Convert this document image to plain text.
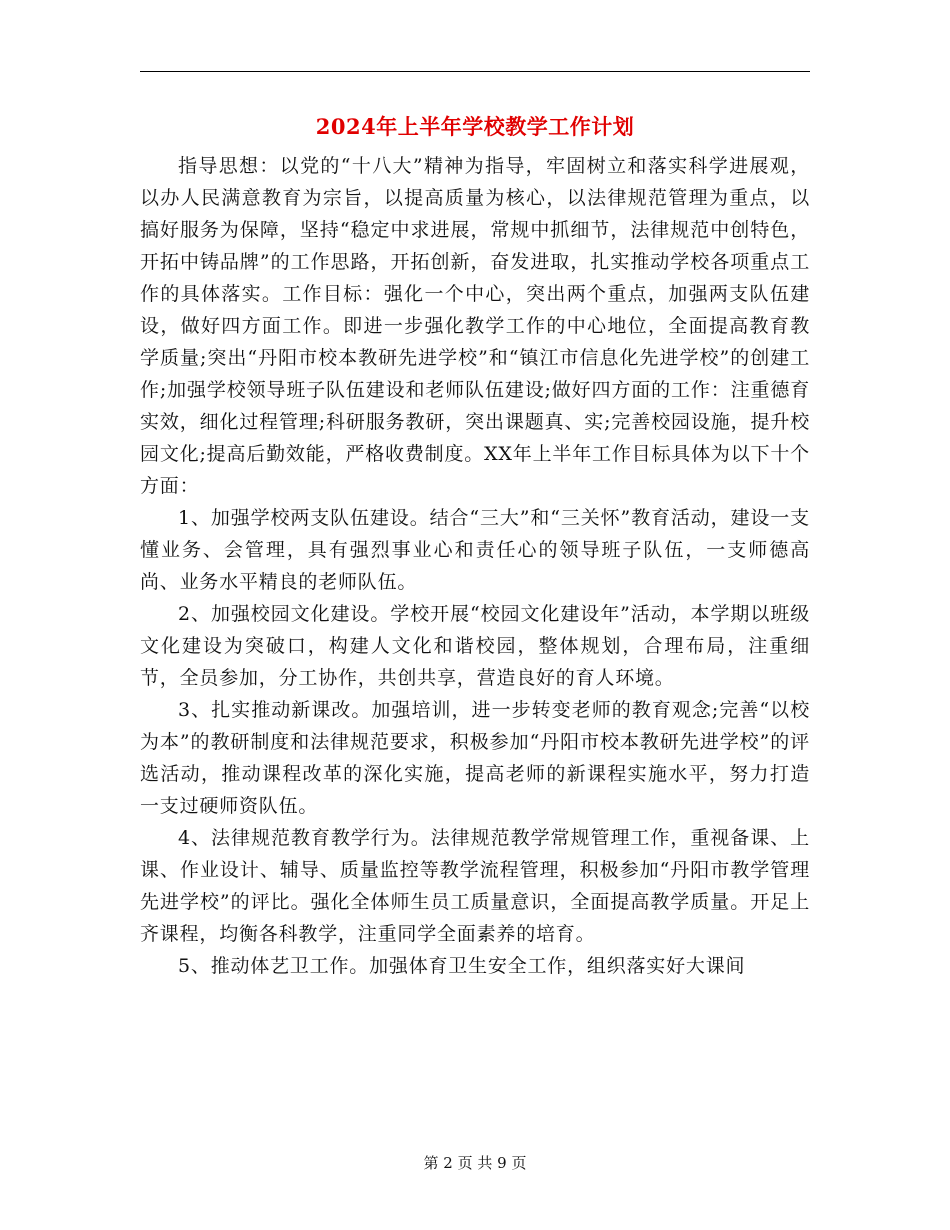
2024年上半年学校教学工作计划

指导思想：以党的“十八大”精神为指导，牢固树立和落实科学进展观，以办人民满意教育为宗旨，以提高质量为核心，以法律规范管理为重点，以搞好服务为保障，坚持“稳定中求进展，常规中抓细节，法律规范中创特色，开拓中铸品牌”的工作思路，开拓创新，奋发进取，扎实推动学校各项重点工作的具体落实。工作目标：强化一个中心，突出两个重点，加强两支队伍建设，做好四方面工作。即进一步强化教学工作的中心地位，全面提高教育教学质量;突出“丹阳市校本教研先进学校”和“镇江市信息化先进学校”的创建工作;加强学校领导班子队伍建设和老师队伍建设;做好四方面的工作：注重德育实效，细化过程管理;科研服务教研，突出课题真、实;完善校园设施，提升校园文化;提高后勤效能，严格收费制度。XX年上半年工作目标具体为以下十个方面：

1、加强学校两支队伍建设。结合“三大”和“三关怀”教育活动，建设一支懂业务、会管理，具有强烈事业心和责任心的领导班子队伍，一支师德高尚、业务水平精良的老师队伍。

2、加强校园文化建设。学校开展“校园文化建设年”活动，本学期以班级文化建设为突破口，构建人文化和谐校园，整体规划，合理布局，注重细节，全员参加，分工协作，共创共享，营造良好的育人环境。

3、扎实推动新课改。加强培训，进一步转变老师的教育观念;完善“以校为本”的教研制度和法律规范要求，积极参加“丹阳市校本教研先进学校”的评选活动，推动课程改革的深化实施，提高老师的新课程实施水平，努力打造一支过硬师资队伍。

4、法律规范教育教学行为。法律规范教学常规管理工作，重视备课、上课、作业设计、辅导、质量监控等教学流程管理，积极参加“丹阳市教学管理先进学校”的评比。强化全体师生员工质量意识，全面提高教学质量。开足上齐课程，均衡各科教学，注重同学全面素养的培育。

5、推动体艺卫工作。加强体育卫生安全工作，组织落实好大课间

第 2 页 共 9 页
